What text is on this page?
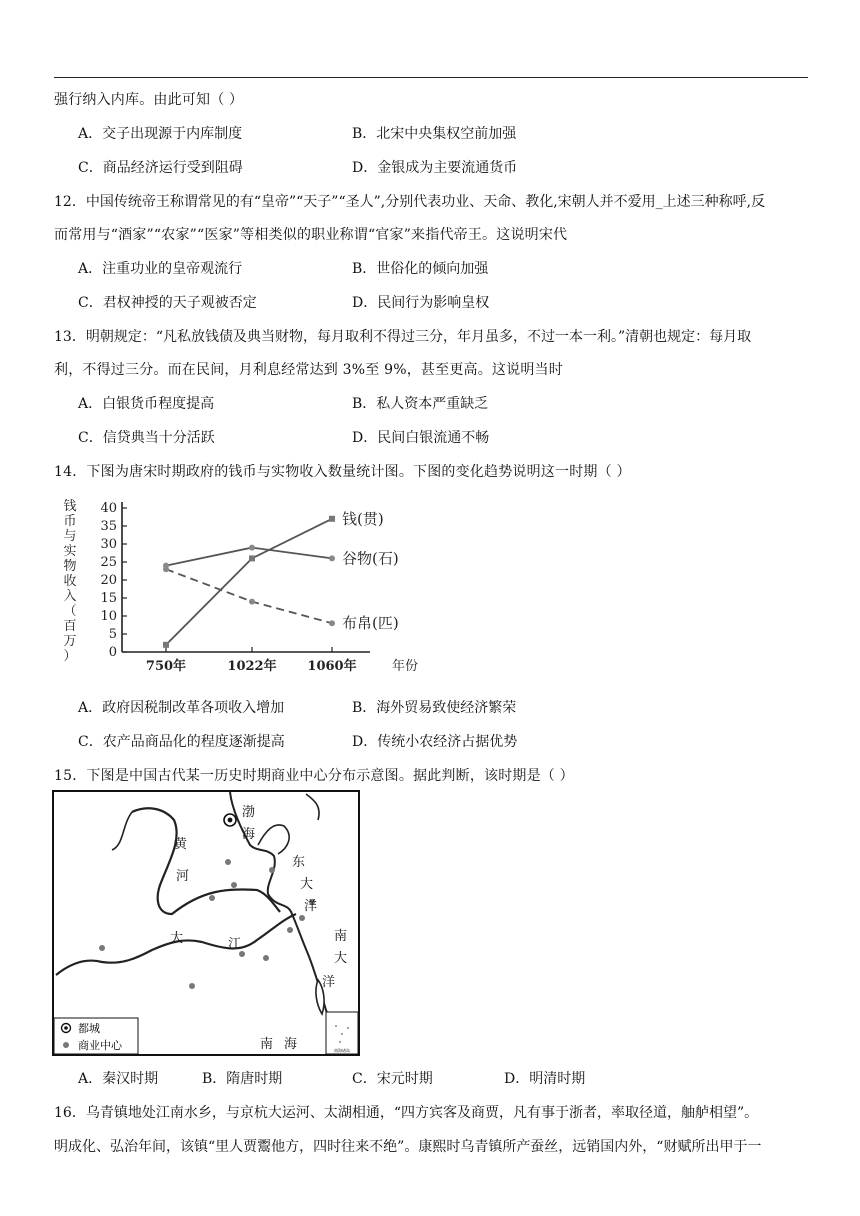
强行纳入内库。由此可知（ ）
A．交子出现源于内库制度	B．北宋中央集权空前加强
C．商品经济运行受到阻碍	D．金银成为主要流通货币
12．中国传统帝王称谓常见的有“皇帝”“天子”“圣人”,分别代表功业、天命、教化,宋朝人并不爱用_上述三种称呼,反
而常用与“酒家”“农家”“医家”等相类似的职业称谓“官家”来指代帝王。这说明宋代
A．注重功业的皇帝观流行	B．世俗化的倾向加强
C．君权神授的天子观被否定	D．民间行为影响皇权
13．明朝规定：“凡私放钱债及典当财物，每月取利不得过三分，年月虽多，不过一本一利。”清朝也规定：每月取
利，不得过三分。而在民间，月利息经常达到 3%至 9%，甚至更高。这说明当时
A．白银货币程度提高	B．私人资本严重缺乏
C．信贷典当十分活跃	D．民间白银流通不畅
14．下图为唐宋时期政府的钱币与实物收入数量统计图。下图的变化趋势说明这一时期（ ）
钱
币
与
实
物
收
入
（
百
万
） 0
5
10
15
20
25
30
35
40
750年	1022年 1060年	年份
钱(贯)
谷物(石)
布帛(匹)
A．政府因税制改革各项收入增加	B．海外贸易致使经济繁荣
C．农产品商品化的程度逐渐提高	D．传统小农经济占据优势
15．下图是中国古代某一历史时期商业中心分布示意图。据此判断，该时期是（ ）
渤
海
黄
河
东
大
洋
大	江
南
大
洋
南 海
都城
商业中心	南海诸岛
A．秦汉时期	B．隋唐时期	C．宋元时期	D．明清时期
16．乌青镇地处江南水乡，与京杭大运河、太湖相通，“四方宾客及商贾，凡有事于浙者，率取径道，舳舻相望”。
明成化、弘治年间，该镇“里人贾鬻他方，四时往来不绝”。康熙时乌青镇所产蚕丝，远销国内外，“财赋所出甲于一
